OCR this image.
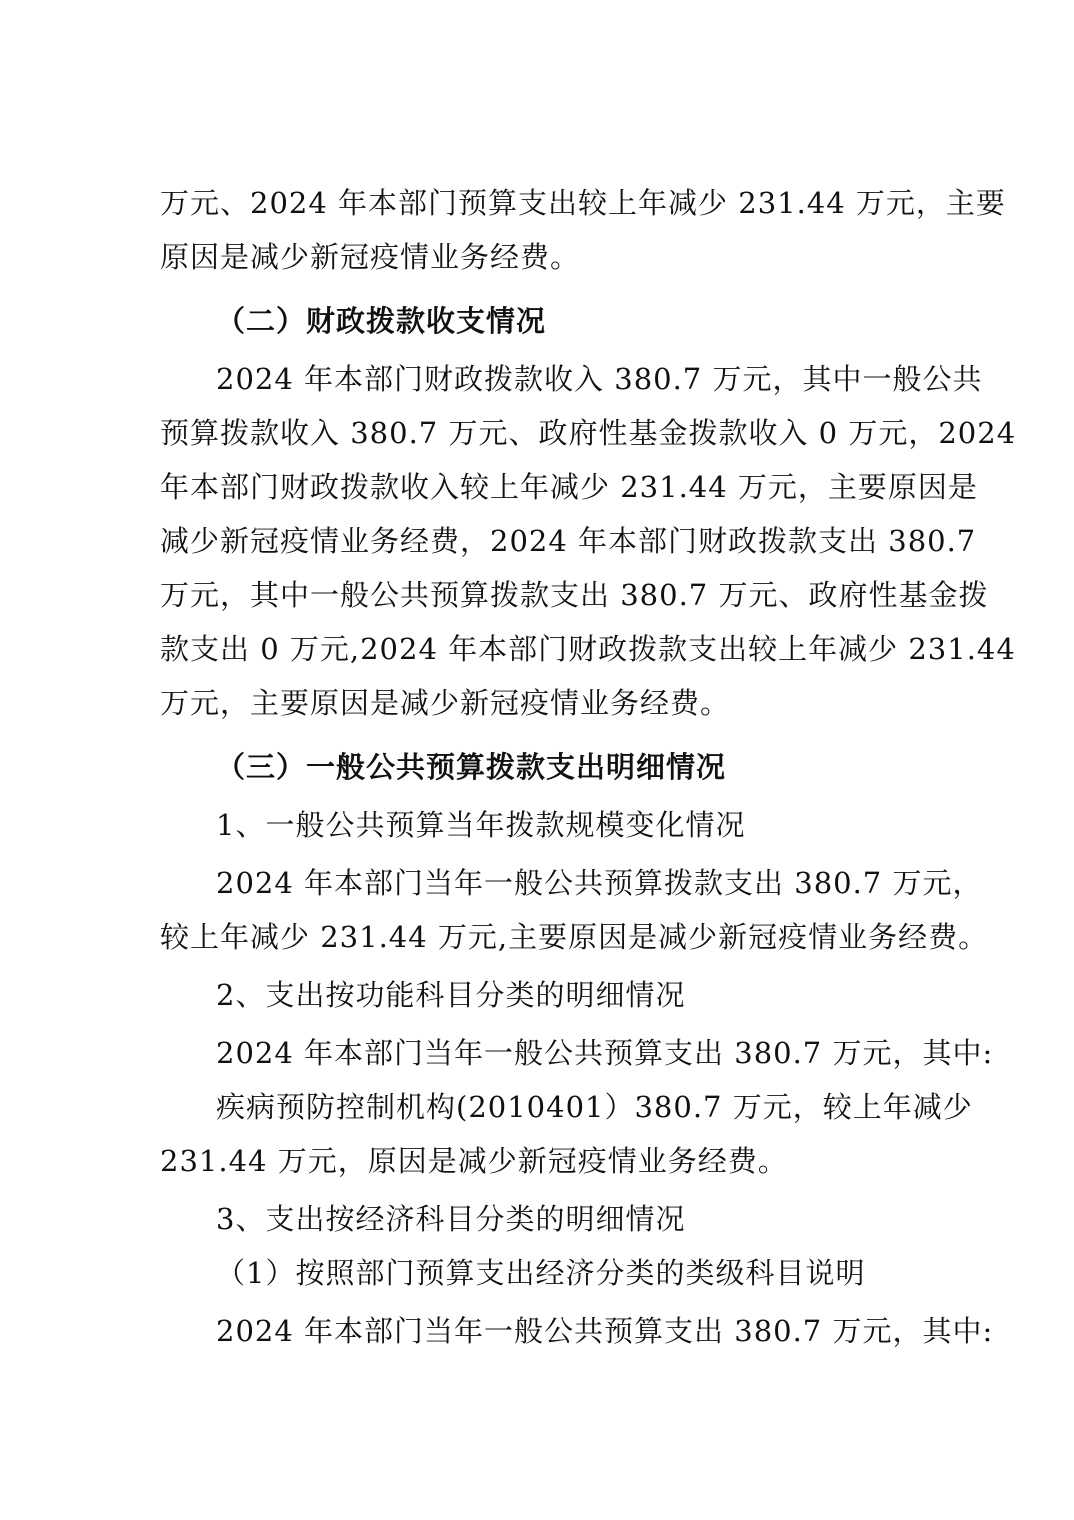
万元、2024 年本部门预算支出较上年减少 231.44 万元，主要
原因是减少新冠疫情业务经费。
（二）财政拨款收支情况
2024 年本部门财政拨款收入 380.7 万元，其中一般公共
预算拨款收入 380.7 万元、政府性基金拨款收入 0 万元，2024
年本部门财政拨款收入较上年减少 231.44 万元，主要原因是
减少新冠疫情业务经费，2024 年本部门财政拨款支出 380.7
万元，其中一般公共预算拨款支出 380.7 万元、政府性基金拨
款支出 0 万元,2024 年本部门财政拨款支出较上年减少 231.44
万元，主要原因是减少新冠疫情业务经费。
（三）一般公共预算拨款支出明细情况
1、一般公共预算当年拨款规模变化情况
2024 年本部门当年一般公共预算拨款支出 380.7 万元，
较上年减少 231.44 万元,主要原因是减少新冠疫情业务经费。
2、支出按功能科目分类的明细情况
2024 年本部门当年一般公共预算支出 380.7 万元，其中:
疾病预防控制机构(2010401）380.7 万元，较上年减少
231.44 万元，原因是减少新冠疫情业务经费。
3、支出按经济科目分类的明细情况
（1）按照部门预算支出经济分类的类级科目说明
2024 年本部门当年一般公共预算支出 380.7 万元，其中:
